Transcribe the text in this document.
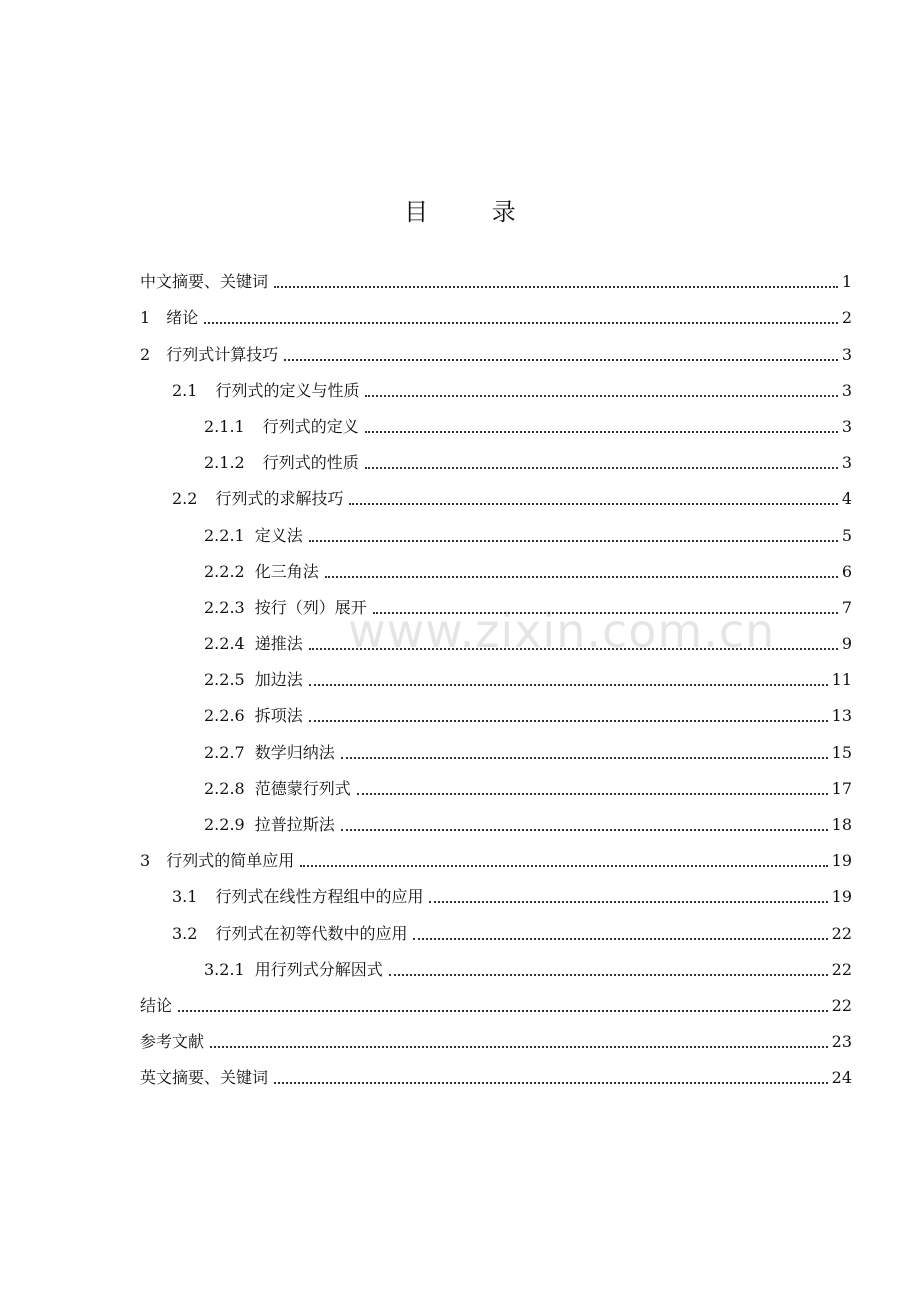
目 录
中文摘要、关键词	1
1 绪论	2
2 行列式计算技巧	3
2.1 行列式的定义与性质	3
2.1.1 行列式的定义	3
2.1.2 行列式的性质	3
2.2 行列式的求解技巧	4
2.2.1 定义法	5
2.2.2 化三角法	6
2.2.3 按行（列）展开	7
2.2.4 递推法	9
2.2.5 加边法	11
2.2.6 拆项法	13
2.2.7 数学归纳法	15
2.2.8 范德蒙行列式	17
2.2.9 拉普拉斯法	18
3 行列式的简单应用	19
3.1 行列式在线性方程组中的应用	19
3.2 行列式在初等代数中的应用	22
3.2.1 用行列式分解因式	22
结论	22
参考文献	23
英文摘要、关键词	24
www.zixin.com.cn
